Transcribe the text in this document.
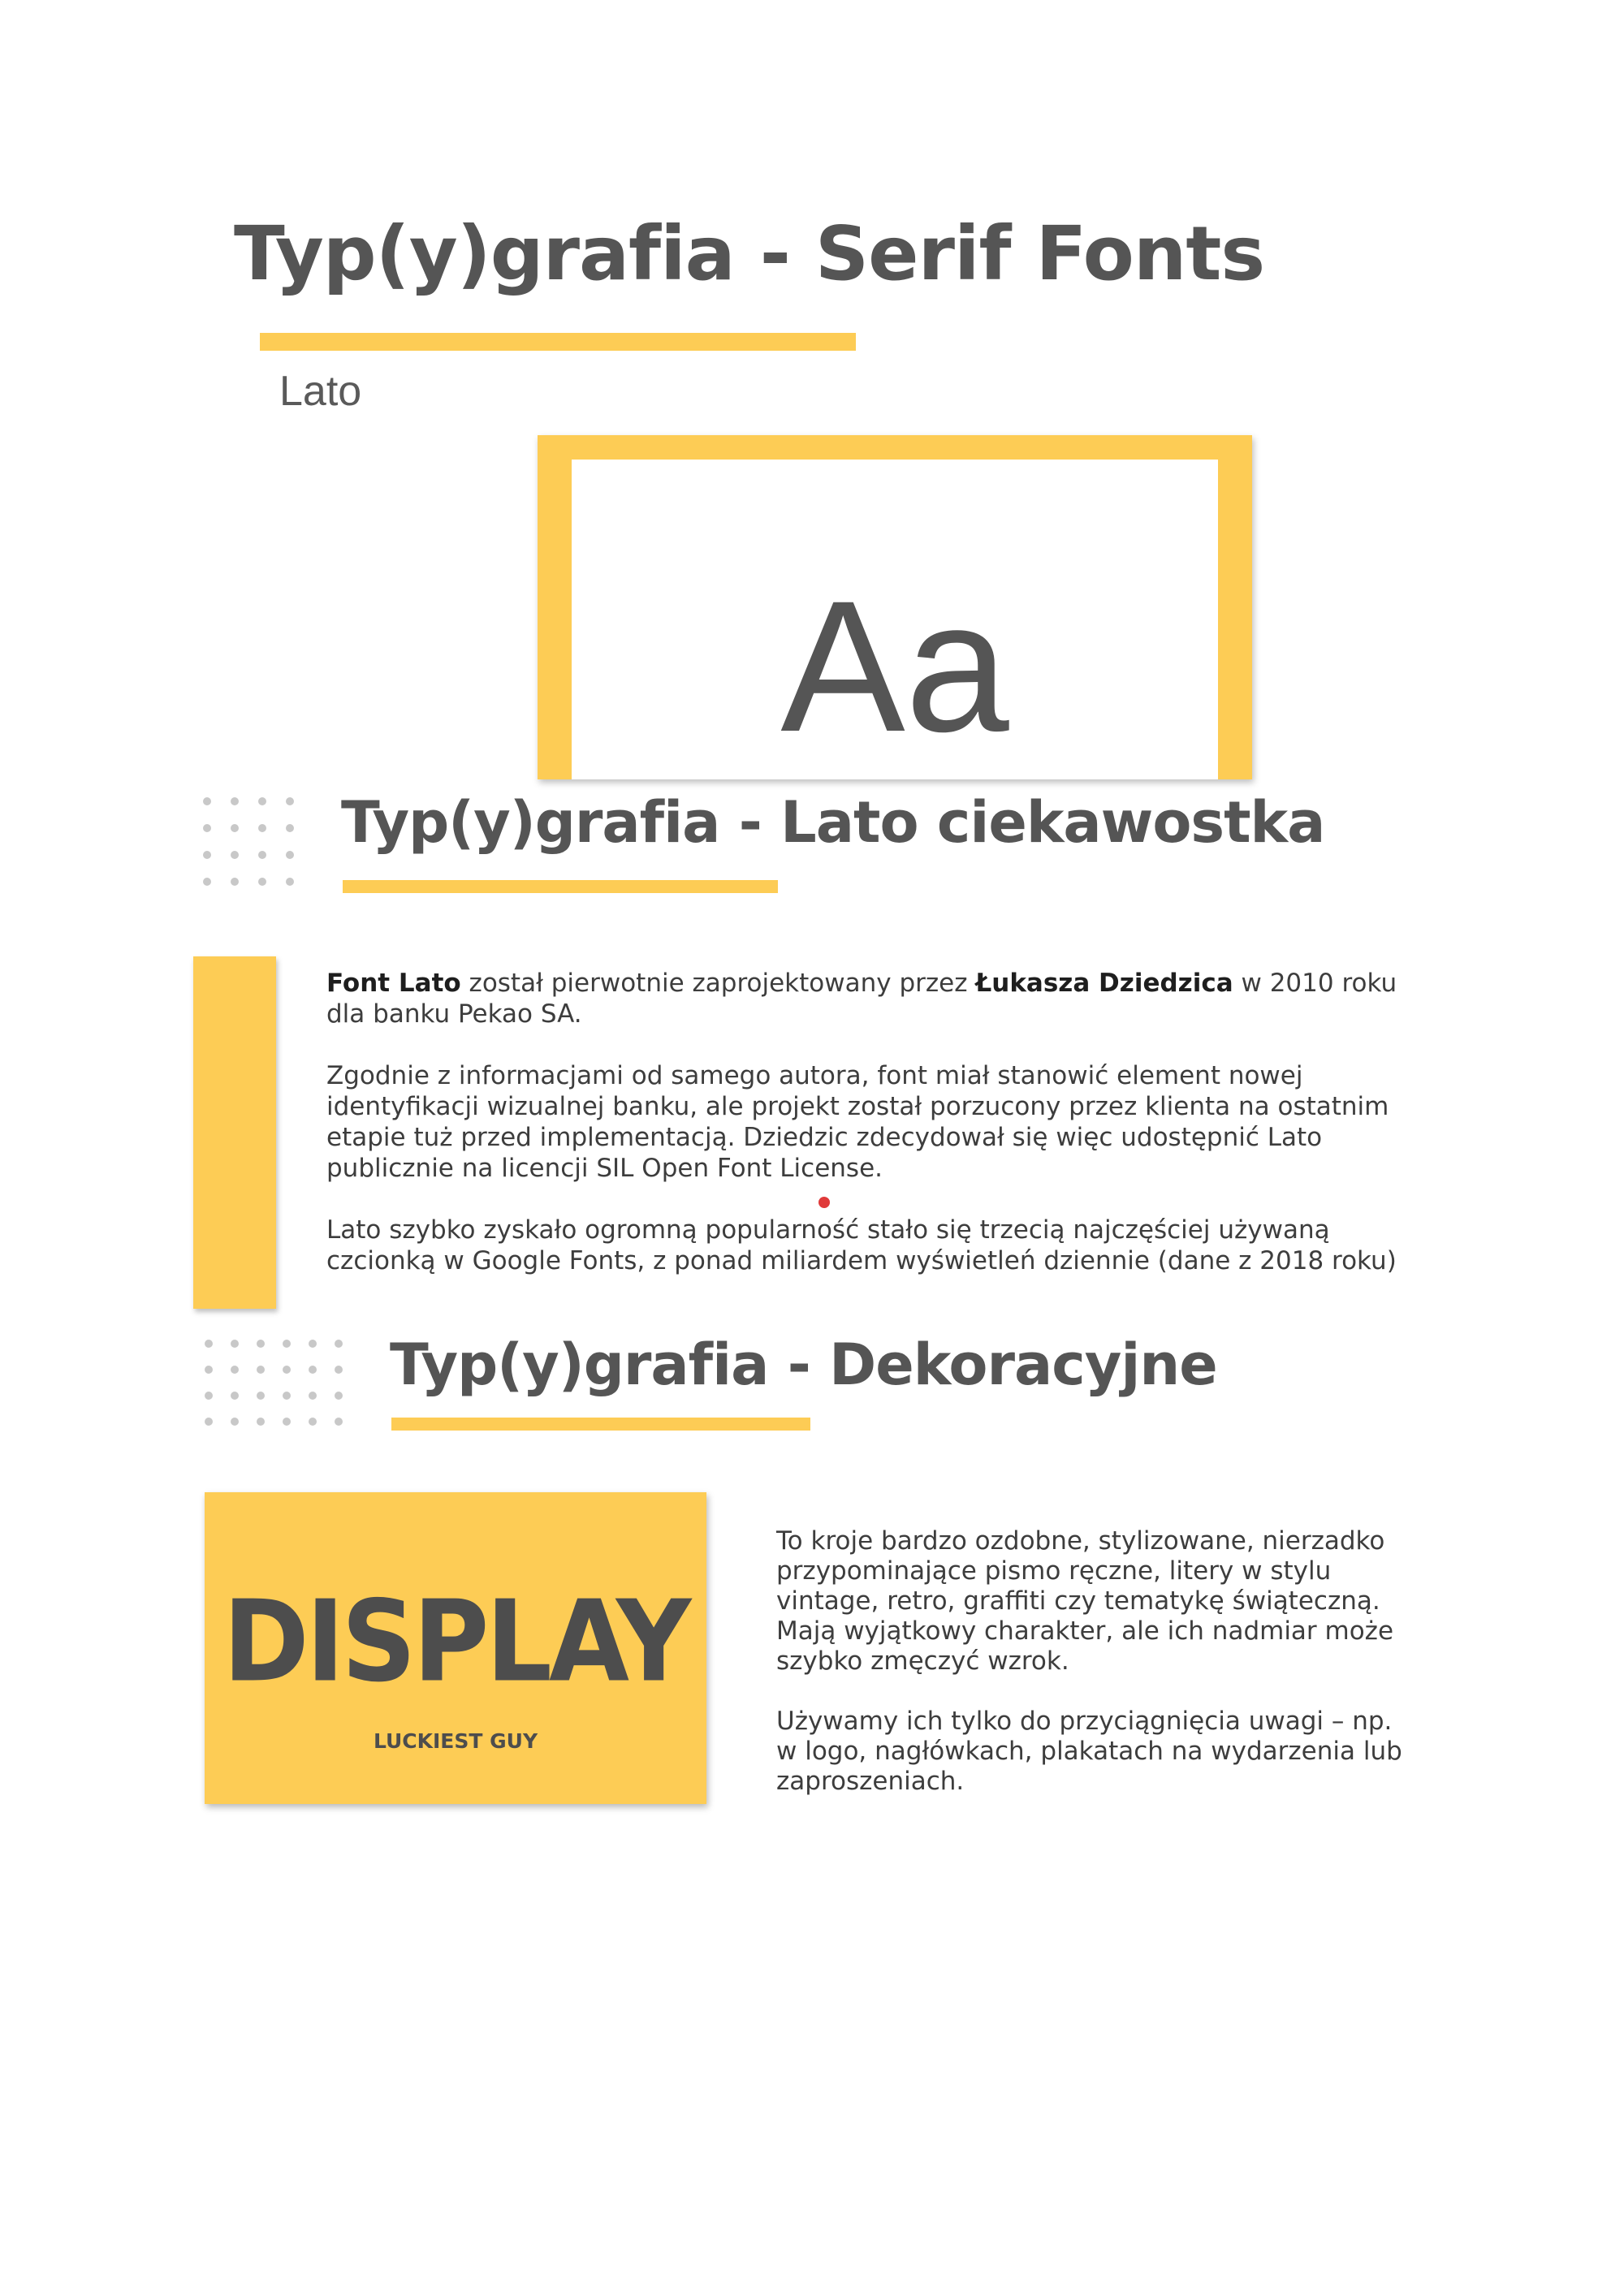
Typ(y)grafia - Serif Fonts
Lato
Aa
Typ(y)grafia - Lato ciekawostka

Font Lato został pierwotnie zaprojektowany przez Łukasza Dziedzica w 2010 roku dla banku Pekao SA.

Zgodnie z informacjami od samego autora, font miał stanowić element nowej identyfikacji wizualnej banku, ale projekt został porzucony przez klienta na ostatnim etapie tuż przed implementacją. Dziedzic zdecydował się więc udostępnić Lato publicznie na licencji SIL Open Font License.

Lato szybko zyskało ogromną popularność stało się trzecią najczęściej używaną czcionką w Google Fonts, z ponad miliardem wyświetleń dziennie (dane z 2018 roku)

Typ(y)grafia - Dekoracyjne
DISPLAY
LUCKIEST GUY

To kroje bardzo ozdobne, stylizowane, nierzadko przypominające pismo ręczne, litery w stylu vintage, retro, graffiti czy tematykę świąteczną. Mają wyjątkowy charakter, ale ich nadmiar może szybko zmęczyć wzrok.

Używamy ich tylko do przyciągnięcia uwagi – np. w logo, nagłówkach, plakatach na wydarzenia lub zaproszeniach.
